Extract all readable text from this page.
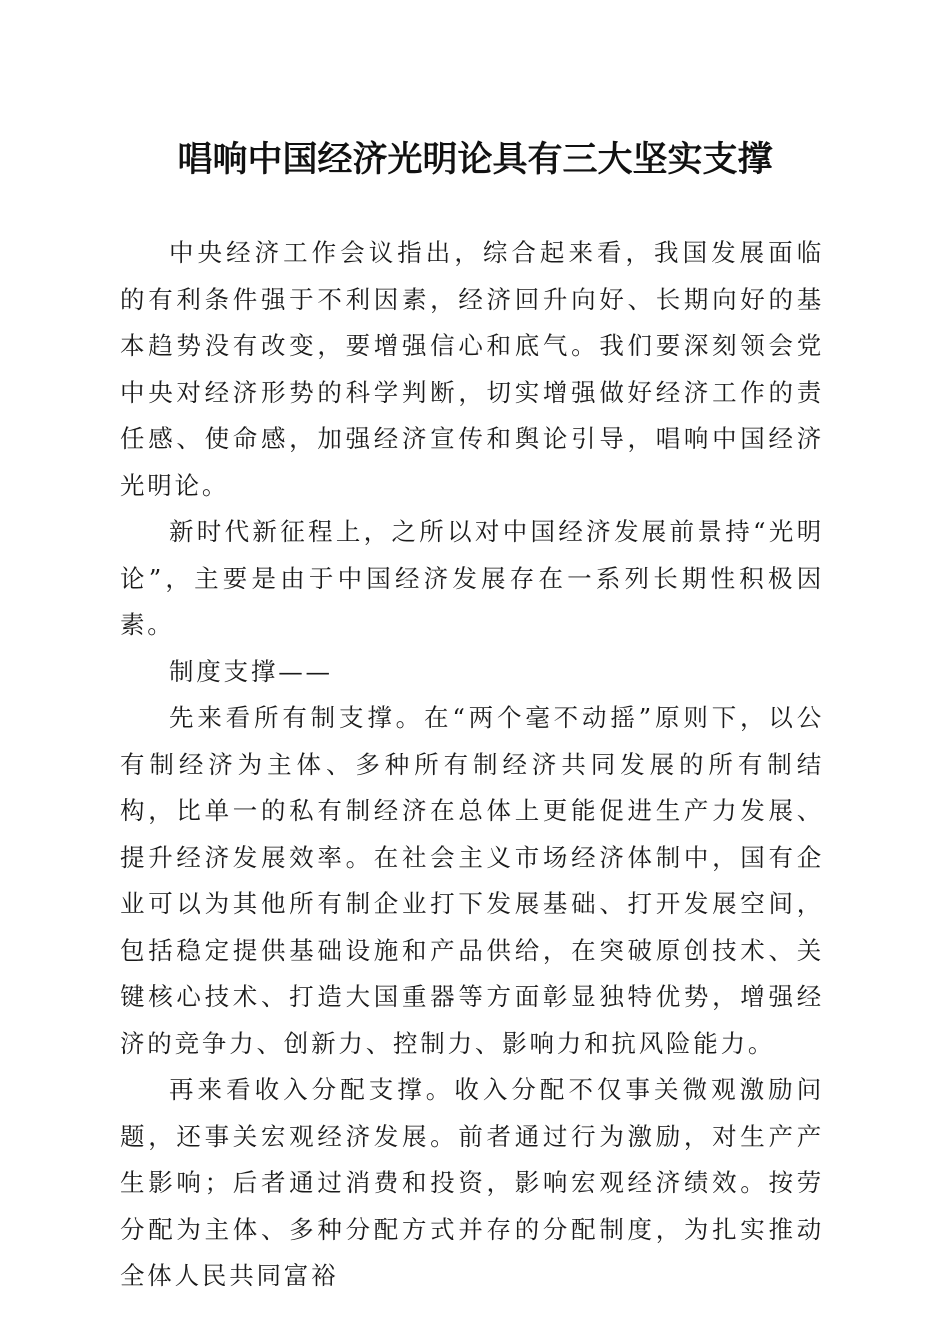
唱响中国经济光明论具有三大坚实支撑

中央经济工作会议指出，综合起来看，我国发展面临的有利条件强于不利因素，经济回升向好、长期向好的基本趋势没有改变，要增强信心和底气。我们要深刻领会党中央对经济形势的科学判断，切实增强做好经济工作的责任感、使命感，加强经济宣传和舆论引导，唱响中国经济光明论。

新时代新征程上，之所以对中国经济发展前景持“光明论”，主要是由于中国经济发展存在一系列长期性积极因素。

制度支撑——

先来看所有制支撑。在“两个毫不动摇”原则下，以公有制经济为主体、多种所有制经济共同发展的所有制结构，比单一的私有制经济在总体上更能促进生产力发展、提升经济发展效率。在社会主义市场经济体制中，国有企业可以为其他所有制企业打下发展基础、打开发展空间，包括稳定提供基础设施和产品供给，在突破原创技术、关键核心技术、打造大国重器等方面彰显独特优势，增强经济的竞争力、创新力、控制力、影响力和抗风险能力。

再来看收入分配支撑。收入分配不仅事关微观激励问题，还事关宏观经济发展。前者通过行为激励，对生产产生影响；后者通过消费和投资，影响宏观经济绩效。按劳分配为主体、多种分配方式并存的分配制度，为扎实推动全体人民共同富裕
